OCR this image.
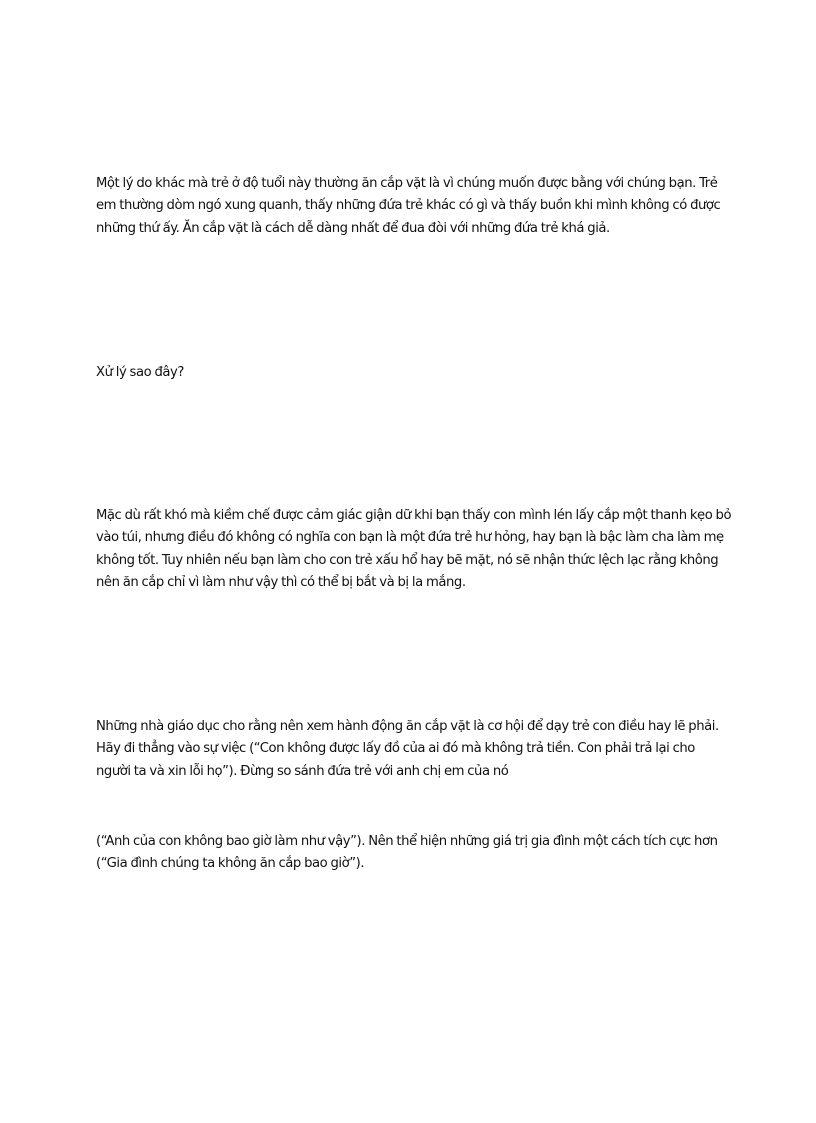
Một lý do khác mà trẻ ở độ tuổi này thường ăn cắp vặt là vì chúng muốn được bằng với chúng bạn. Trẻ em thường dòm ngó xung quanh, thấy những đứa trẻ khác có gì và thấy buồn khi mình không có được những thứ ấy. Ăn cắp vặt là cách dễ dàng nhất để đua đòi với những đứa trẻ khá giả.

Xử lý sao đây?

Mặc dù rất khó mà kiềm chế được cảm giác giận dữ khi bạn thấy con mình lén lấy cắp một thanh kẹo bỏ vào túi, nhưng điều đó không có nghĩa con bạn là một đứa trẻ hư hỏng, hay bạn là bậc làm cha làm mẹ không tốt. Tuy nhiên nếu bạn làm cho con trẻ xấu hổ hay bẽ mặt, nó sẽ nhận thức lệch lạc rằng không nên ăn cắp chỉ vì làm như vậy thì có thể bị bắt và bị la mắng.

Những nhà giáo dục cho rằng nên xem hành động ăn cắp vặt là cơ hội để dạy trẻ con điều hay lẽ phải. Hãy đi thẳng vào sự việc (“Con không được lấy đồ của ai đó mà không trả tiền. Con phải trả lại cho người ta và xin lỗi họ”). Đừng so sánh đứa trẻ với anh chị em của nó

(“Anh của con không bao giờ làm như vậy”). Nên thể hiện những giá trị gia đình một cách tích cực hơn (“Gia đình chúng ta không ăn cắp bao giờ”).
